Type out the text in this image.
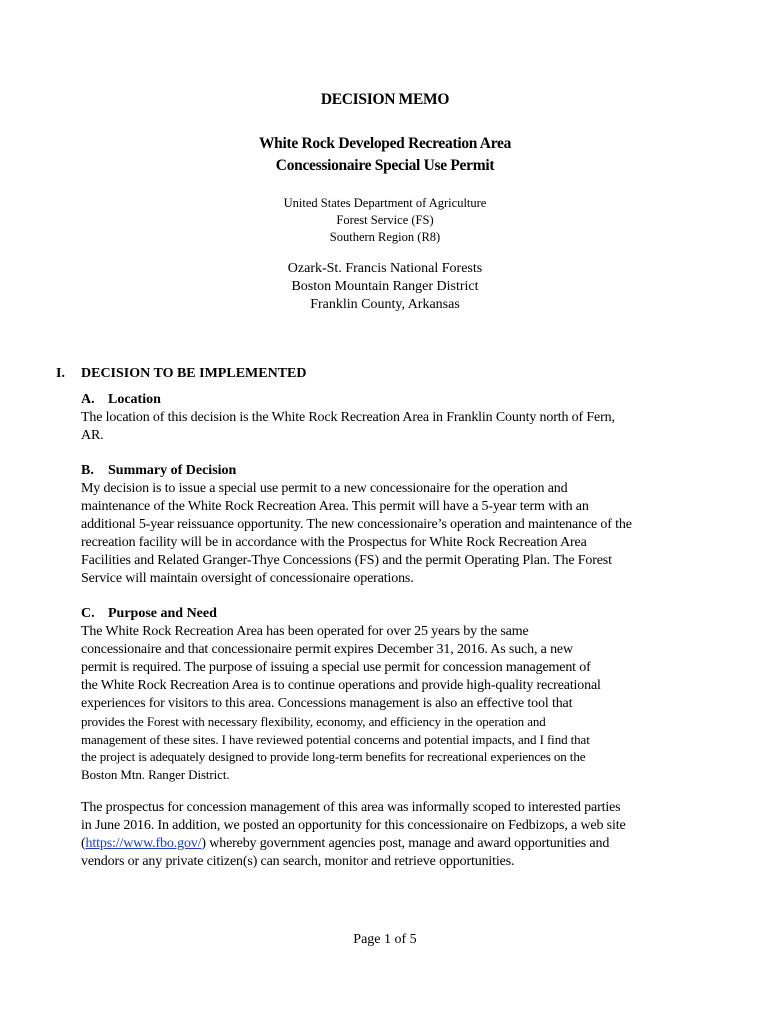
DECISION MEMO
White Rock Developed Recreation Area
Concessionaire Special Use Permit
United States Department of Agriculture
Forest Service (FS)
Southern Region (R8)
Ozark-St. Francis National Forests
Boston Mountain Ranger District
Franklin County, Arkansas
I. DECISION TO BE IMPLEMENTED
A. Location

The location of this decision is the White Rock Recreation Area in Franklin County north of Fern,
AR.

B. Summary of Decision

My decision is to issue a special use permit to a new concessionaire for the operation and
maintenance of the White Rock Recreation Area. This permit will have a 5-year term with an
additional 5-year reissuance opportunity. The new concessionaire’s operation and maintenance of the
recreation facility will be in accordance with the Prospectus for White Rock Recreation Area
Facilities and Related Granger-Thye Concessions (FS) and the permit Operating Plan. The Forest
Service will maintain oversight of concessionaire operations.

C. Purpose and Need

The White Rock Recreation Area has been operated for over 25 years by the same
concessionaire and that concessionaire permit expires December 31, 2016. As such, a new
permit is required. The purpose of issuing a special use permit for concession management of
the White Rock Recreation Area is to continue operations and provide high-quality recreational
experiences for visitors to this area. Concessions management is also an effective tool that

provides the Forest with necessary flexibility, economy, and efficiency in the operation and
management of these sites. I have reviewed potential concerns and potential impacts, and I find that
the project is adequately designed to provide long-term benefits for recreational experiences on the
Boston Mtn. Ranger District.

The prospectus for concession management of this area was informally scoped to interested parties
in June 2016. In addition, we posted an opportunity for this concessionaire on Fedbizops, a web site
(https://www.fbo.gov/) whereby government agencies post, manage and award opportunities and
vendors or any private citizen(s) can search, monitor and retrieve opportunities.

Page 1 of 5
